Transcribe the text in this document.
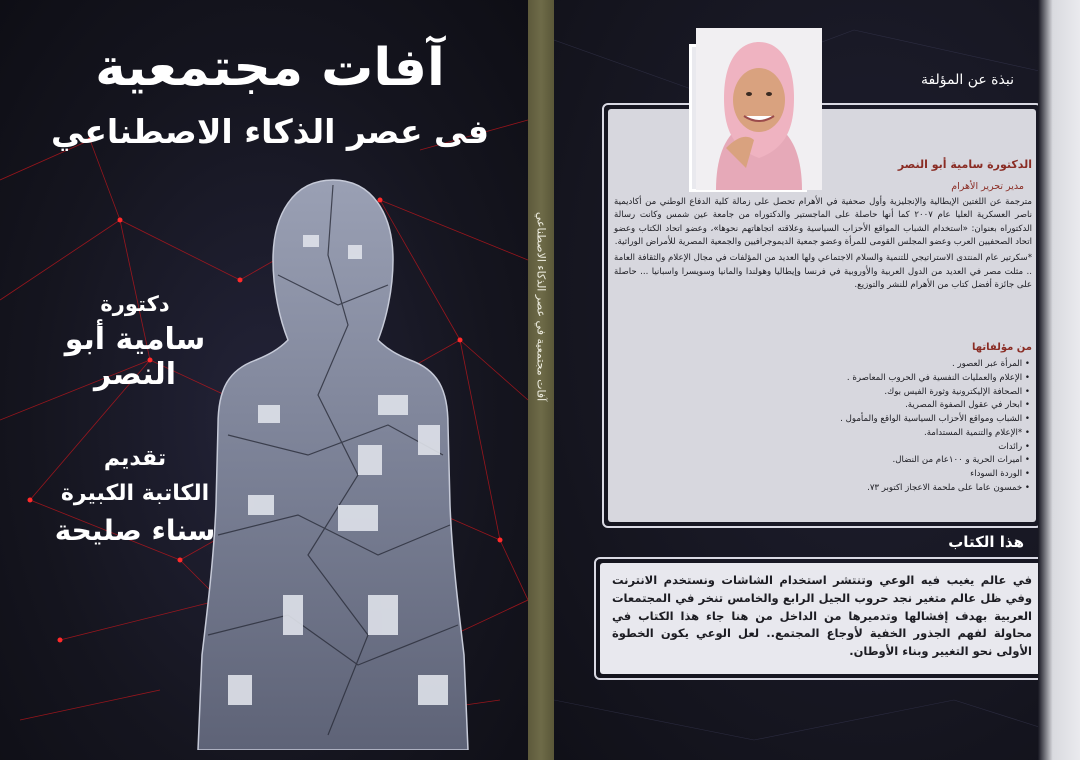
آفات مجتمعية
فى عصر الذكاء الاصطناعي
دكتورة
سامية أبو النصر
تقديم
الكاتبة الكبيرة
سناء صليحة
آفات مجتمعية في عصر الذكاء الاصطناعي
نبذة عن المؤلفة
الدكتورة سامية أبو النصر
مدير تحرير الأهرام

مترجمة عن اللغتين الإيطالية والإنجليزية وأول صحفية في الأهرام تحصل على زمالة كلية الدفاع الوطني من أكاديمية ناصر العسكرية العليا عام ٢٠٠٧ كما أنها حاصلة على الماجستير والدكتوراه من جامعة عين شمس وكانت رسالة الدكتوراه بعنوان: «استخدام الشباب المواقع الأحزاب السياسية وعلاقته اتجاهاتهم نحوها»، وعضو اتحاد الكتاب وعضو اتحاد الصحفيين العرب وعضو المجلس القومى للمرأة وعضو جمعية الديموجرافيين والجمعية المصرية للأمراض الوراثية.

*سكرتير عام المنتدى الاستراتيجي للتنمية والسلام الاجتماعي ولها العديد من المؤلفات في مجال الإعلام والثقافة العامة .. مثلت مصر في العديد من الدول العربية والأوروبية في فرنسا وإيطاليا وهولندا والمانيا وسويسرا واسبانيا ... حاصلة على جائزة أفضل كتاب من الأهرام للنشر والتوزيع.

من مؤلفاتها
• المرأة عبر العصور .
• الإعلام والعمليات النفسية في الحروب المعاصرة .
• الصحافة الإليكترونية وثورة الفيس بوك.
• ابحار في عقول الصفوة المصرية.
• الشباب ومواقع الأحزاب السياسية الواقع والمأمول .
• *الإعلام والتنمية المستدامة.
• رائدات
• اميرات الحرية و ١٠٠عام من النضال.
• الوردة السوداء
• خمسون عاما على ملحمة الاعجاز اكتوبر ٧٣.
هذا الكتاب
في عالم يغيب فيه الوعي وتنتشر استخدام الشاشات ونستخدم الانترنت وفي ظل عالم متغير نجد حروب الجيل الرابع والخامس تنخر في المجتمعات العربية بهدف إفشالها وتدميرها من الداخل من هنا جاء هذا الكتاب في محاولة لفهم الجذور الخفية لأوجاع المجتمع.. لعل الوعي يكون الخطوة الأولى نحو التغيير وبناء الأوطان.
